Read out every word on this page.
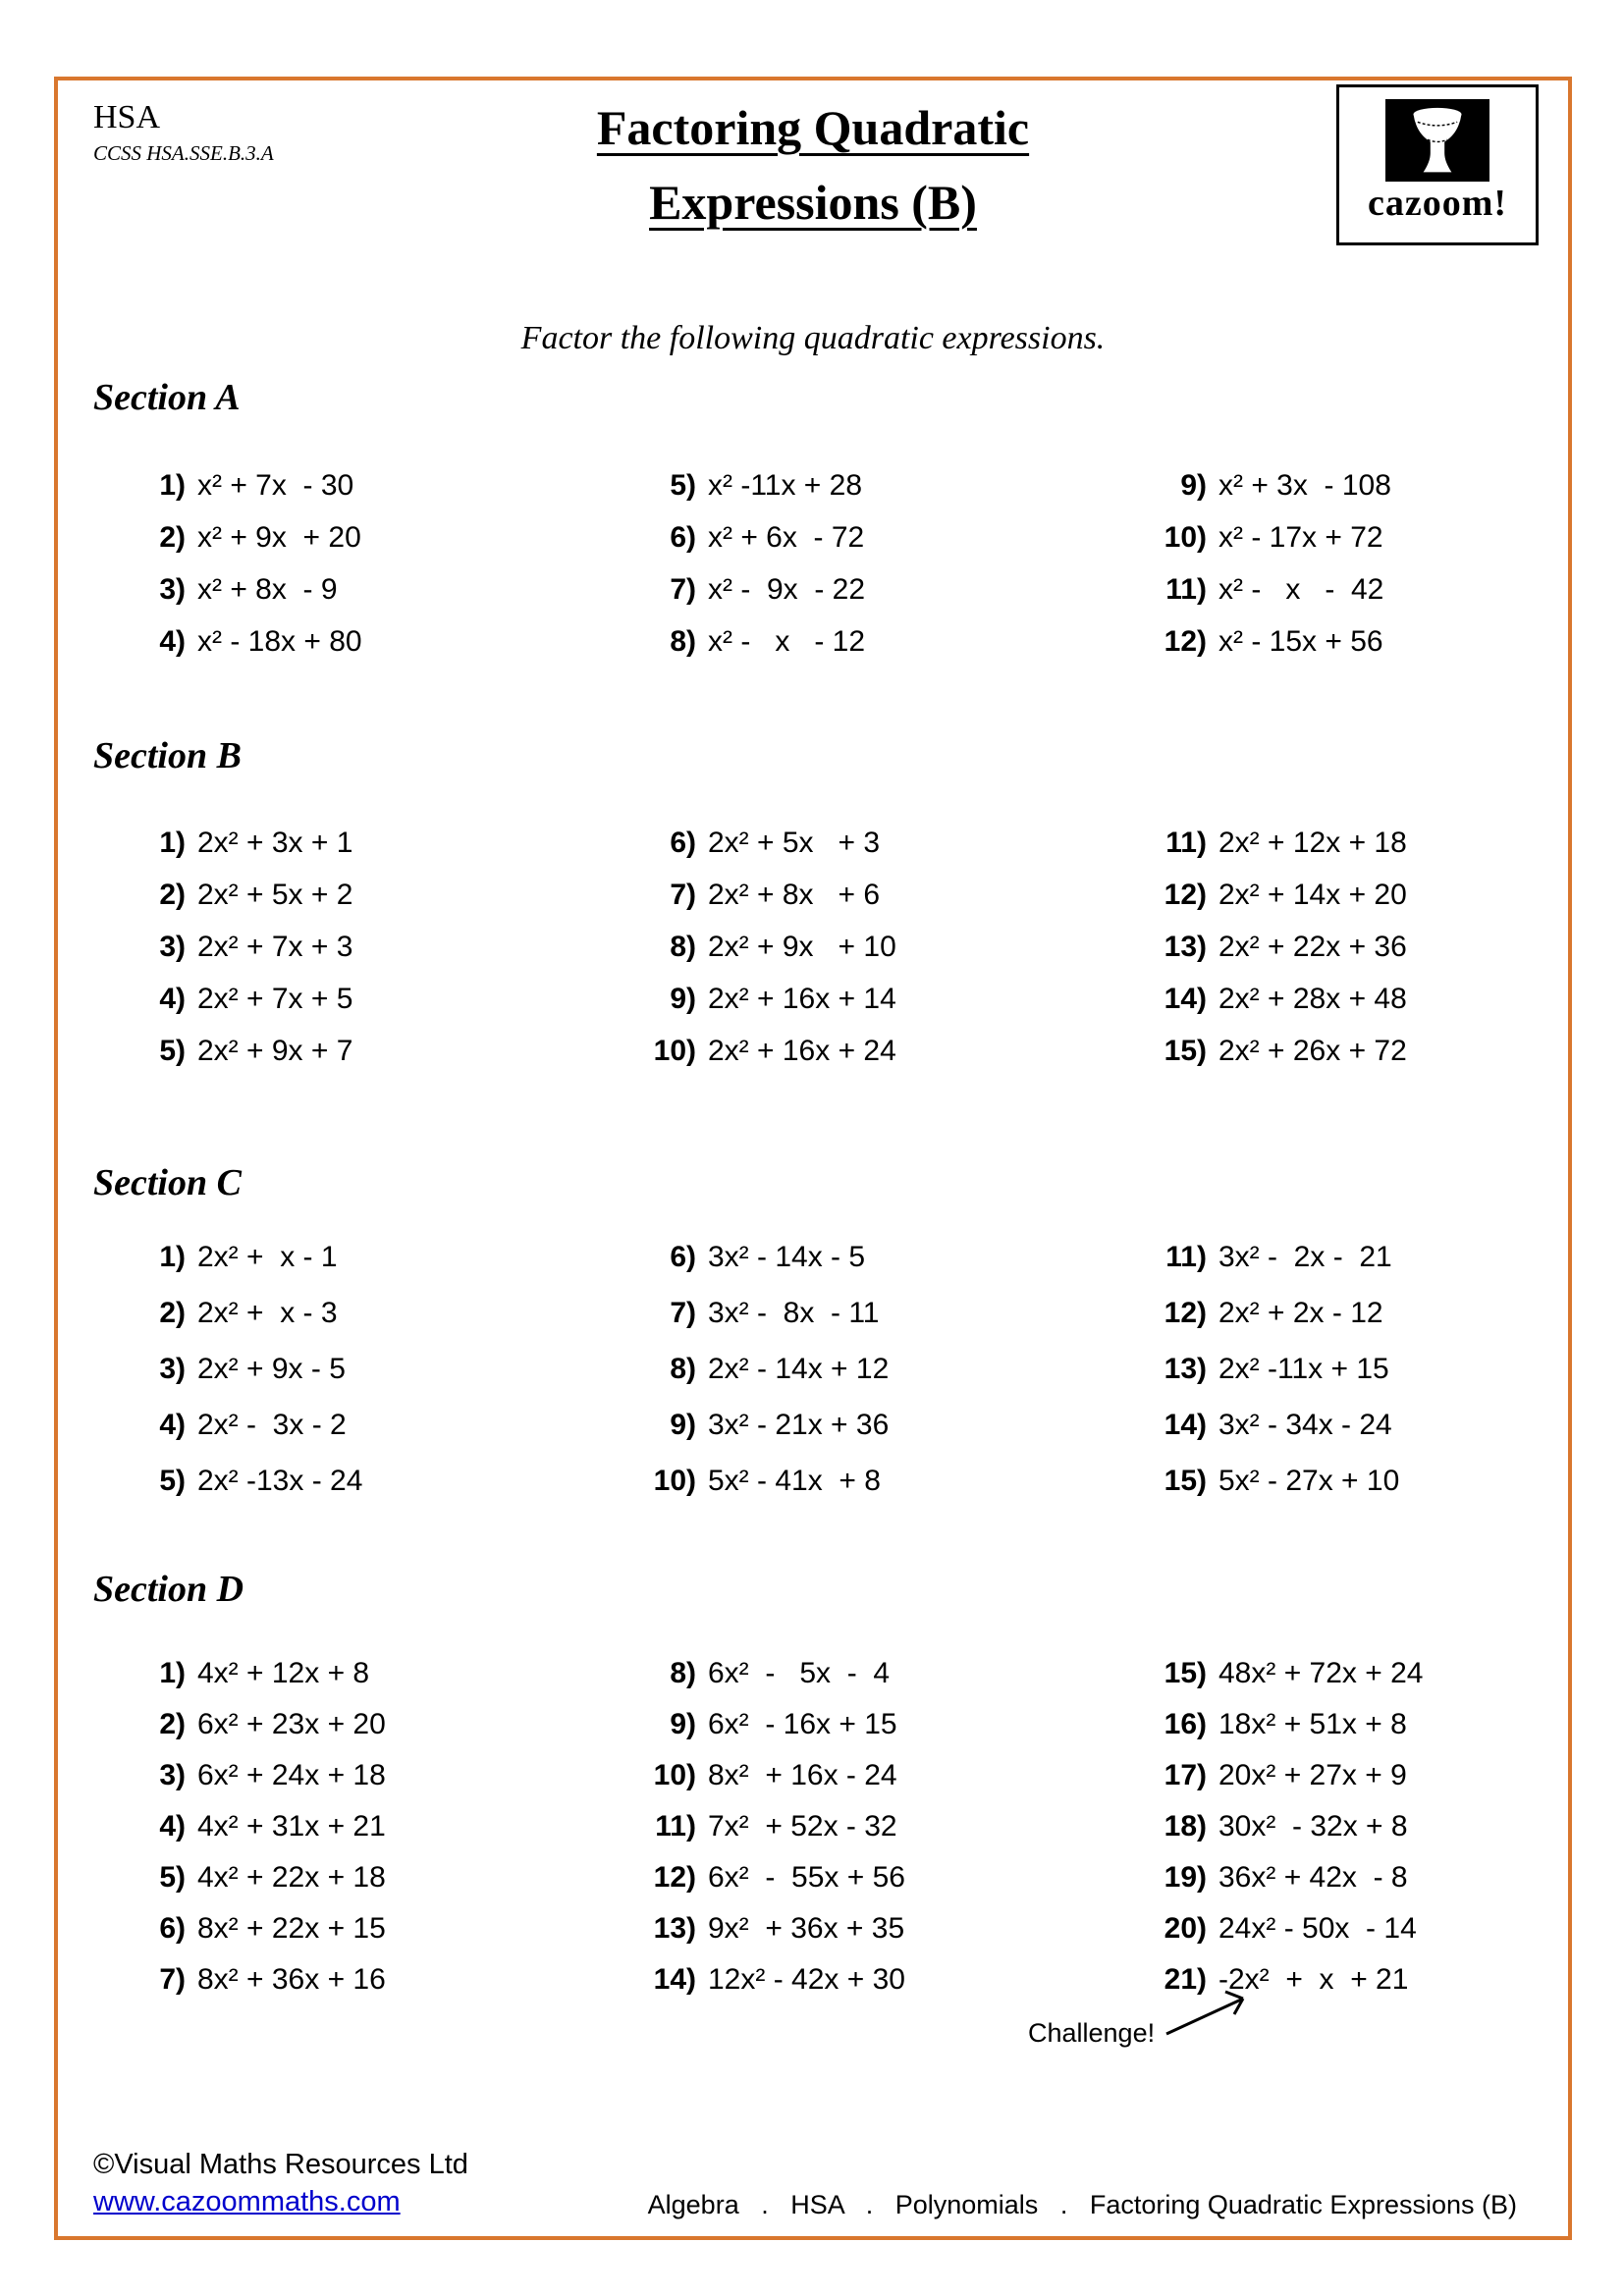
HSA
CCSS HSA.SSE.B.3.A	Factoring Quadratic
Expressions (B)	cazoom!
Factor the following quadratic expressions.
Section A
1) x² + 7x  - 30
2) x² + 9x  + 20
3) x² + 8x  - 9
4) x² - 18x + 80
5) x² -11x + 28
6) x² + 6x  - 72
7) x² -  9x  - 22
8) x² -   x   - 12
9) x² + 3x  - 108
10) x² - 17x + 72
11) x² -   x   -  42
12) x² - 15x + 56
Section B
1) 2x² + 3x + 1
2) 2x² + 5x + 2
3) 2x² + 7x + 3
4) 2x² + 7x + 5
5) 2x² + 9x + 7
6) 2x² + 5x   + 3
7) 2x² + 8x   + 6
8) 2x² + 9x   + 10
9) 2x² + 16x + 14
10) 2x² + 16x + 24
11) 2x² + 12x + 18
12) 2x² + 14x + 20
13) 2x² + 22x + 36
14) 2x² + 28x + 48
15) 2x² + 26x + 72
Section C
1) 2x² +  x - 1
2) 2x² +  x - 3
3) 2x² + 9x - 5
4) 2x² -  3x - 2
5) 2x² -13x - 24
6) 3x² - 14x - 5
7) 3x² -  8x  - 11
8) 2x² - 14x + 12
9) 3x² - 21x + 36
10) 5x² - 41x  + 8
11) 3x² -  2x -  21
12) 2x² + 2x - 12
13) 2x² -11x + 15
14) 3x² - 34x - 24
15) 5x² - 27x + 10
Section D
1) 4x² + 12x + 8
2) 6x² + 23x + 20
3) 6x² + 24x + 18
4) 4x² + 31x + 21
5) 4x² + 22x + 18
6) 8x² + 22x + 15
7) 8x² + 36x + 16
8) 6x²  -   5x  -  4
9) 6x²  - 16x + 15
10) 8x²  + 16x - 24
11) 7x²  + 52x - 32
12) 6x²  -  55x + 56
13) 9x²  + 36x + 35
14) 12x² - 42x + 30
15) 48x² + 72x + 24
16) 18x² + 51x + 8
17) 20x² + 27x + 9
18) 30x²  - 32x + 8
19) 36x² + 42x  - 8
20) 24x² - 50x  - 14
21) -2x²  +  x  + 21
Challenge!
©Visual Maths Resources Ltd
www.cazoommaths.com	Algebra   .   HSA   .   Polynomials   .   Factoring Quadratic Expressions (B)
